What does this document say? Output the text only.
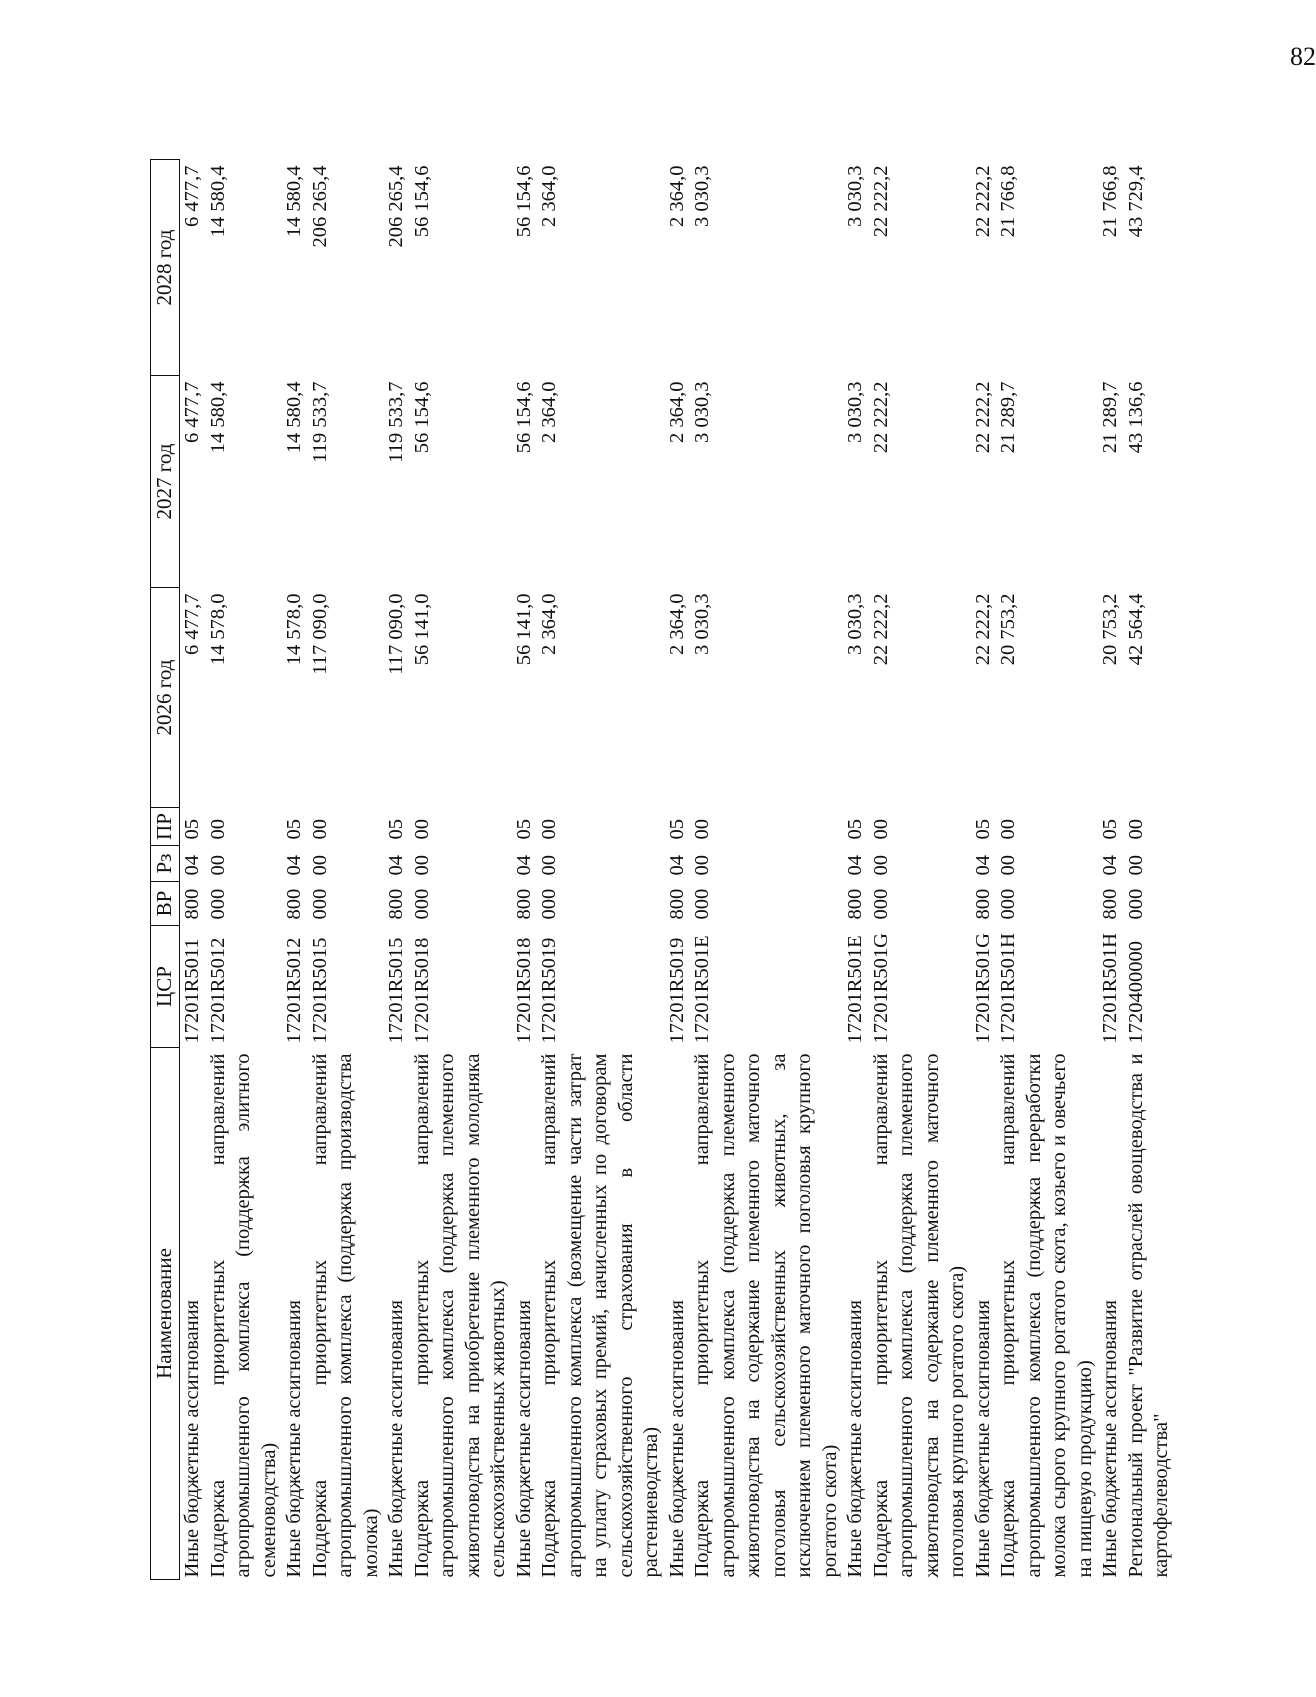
82
Наименование	ЦСР	ВР	Рз	ПР	2026 год	2027 год	2028 год
Иные бюджетные ассигнования	17201R5011	800	04	05	6 477,7	6 477,7	6 477,7
Поддержка приоритетных направлений агропромышленного комплекса (поддержка элитного семеноводства)	17201R5012	000	00	00	14 578,0	14 580,4	14 580,4
Иные бюджетные ассигнования	17201R5012	800	04	05	14 578,0	14 580,4	14 580,4
Поддержка приоритетных направлений агропромышленного комплекса (поддержка производства молока)	17201R5015	000	00	00	117 090,0	119 533,7	206 265,4
Иные бюджетные ассигнования	17201R5015	800	04	05	117 090,0	119 533,7	206 265,4
Поддержка приоритетных направлений агропромышленного комплекса (поддержка племенного животноводства на приобретение племенного молодняка сельскохозяйственных животных)	17201R5018	000	00	00	56 141,0	56 154,6	56 154,6
Иные бюджетные ассигнования	17201R5018	800	04	05	56 141,0	56 154,6	56 154,6
Поддержка приоритетных направлений агропромышленного комплекса (возмещение части затрат на уплату страховых премий, начисленных по договорам сельскохозяйственного страхования в области растениеводства)	17201R5019	000	00	00	2 364,0	2 364,0	2 364,0
Иные бюджетные ассигнования	17201R5019	800	04	05	2 364,0	2 364,0	2 364,0
Поддержка приоритетных направлений агропромышленного комплекса (поддержка племенного животноводства на содержание племенного маточного поголовья сельскохозяйственных животных, за исключением племенного маточного поголовья крупного рогатого скота)	17201R501E	000	00	00	3 030,3	3 030,3	3 030,3
Иные бюджетные ассигнования	17201R501E	800	04	05	3 030,3	3 030,3	3 030,3
Поддержка приоритетных направлений агропромышленного комплекса (поддержка племенного животноводства на содержание племенного маточного поголовья крупного рогатого скота)	17201R501G	000	00	00	22 222,2	22 222,2	22 222,2
Иные бюджетные ассигнования	17201R501G	800	04	05	22 222,2	22 222,2	22 222,2
Поддержка приоритетных направлений агропромышленного комплекса (поддержка переработки молока сырого крупного рогатого скота, козьего и овечьего на пищевую продукцию)	17201R501H	000	00	00	20 753,2	21 289,7	21 766,8
Иные бюджетные ассигнования	17201R501H	800	04	05	20 753,2	21 289,7	21 766,8
Региональный проект "Развитие отраслей овощеводства и картофелеводства"	1720400000	000	00	00	42 564,4	43 136,6	43 729,4
